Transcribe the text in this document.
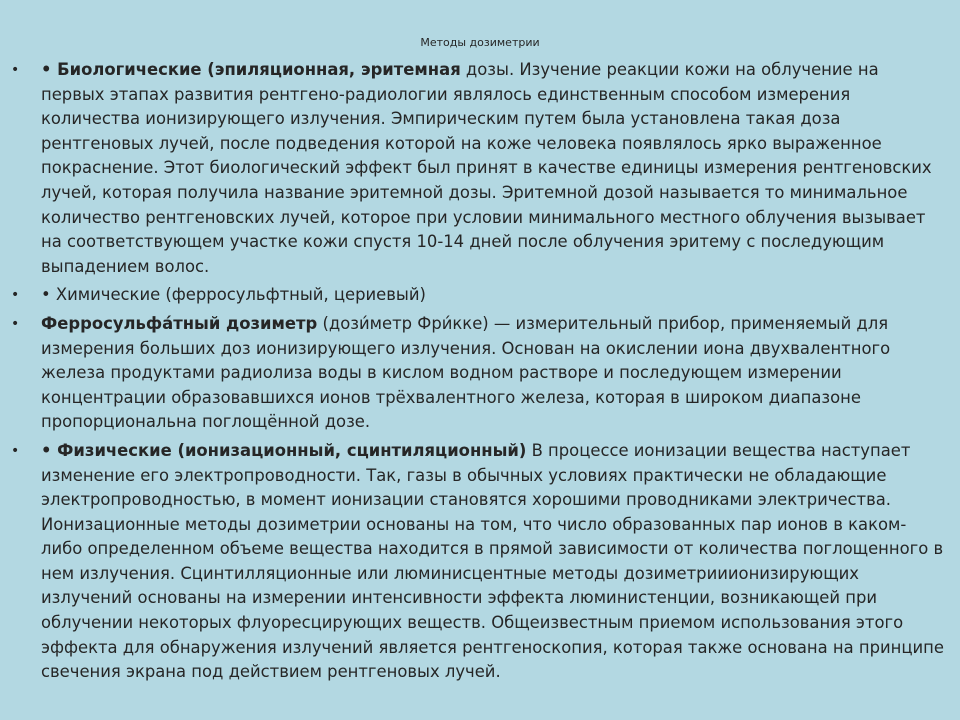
Методы дозиметрии
• • Биологические (эпиляционная, эритемная дозы. Изучение реакции кожи на облучение на первых этапах развития рентгено-радиологии являлось единственным способом измерения количества ионизирующего излучения. Эмпирическим путем была установлена такая доза рентгеновых лучей, после подведения которой на коже человека появлялось ярко выраженное покраснение. Этот биологический эффект был принят в качестве единицы измерения рентгеновских лучей, которая получила название эритемной дозы. Эритемной дозой называется то минимальное количество рентгеновских лучей, которое при условии минимального местного облучения вызывает на соответствующем участке кожи спустя 10-14 дней после облучения эритему с последующим выпадением волос.
• • Химические (ферросульфтный, цериевый)
• Ферросульфа́тный дозиметр (дози́метр Фри́кке) — измерительный прибор, применяемый для измерения больших доз ионизирующего излучения. Основан на окислении иона двухвалентного железа продуктами радиолиза воды в кислом водном растворе и последующем измерении концентрации образовавшихся ионов трёхвалентного железа, которая в широком диапазоне пропорциональна поглощённой дозе.
• • Физические (ионизационный, сцинтиляционный) В процессе ионизации вещества наступает изменение его электропроводности. Так, газы в обычных условиях практически не обладающие электропроводностью, в момент ионизации становятся хорошими проводниками электричества. Ионизационные методы дозиметрии основаны на том, что число образованных пар ионов в каком-либо определенном объеме вещества находится в прямой зависимости от количества поглощенного в нем излучения. Сцинтилляционные или люминисцентные методы дозиметрииионизирующих излучений основаны на измерении интенсивности эффекта люминистенции, возникающей при облучении некоторых флуоресцирующих веществ. Общеизвестным приемом использования этого эффекта для обнаружения излучений является рентгеноскопия, которая также основана на принципе свечения экрана под действием рентгеновых лучей.
